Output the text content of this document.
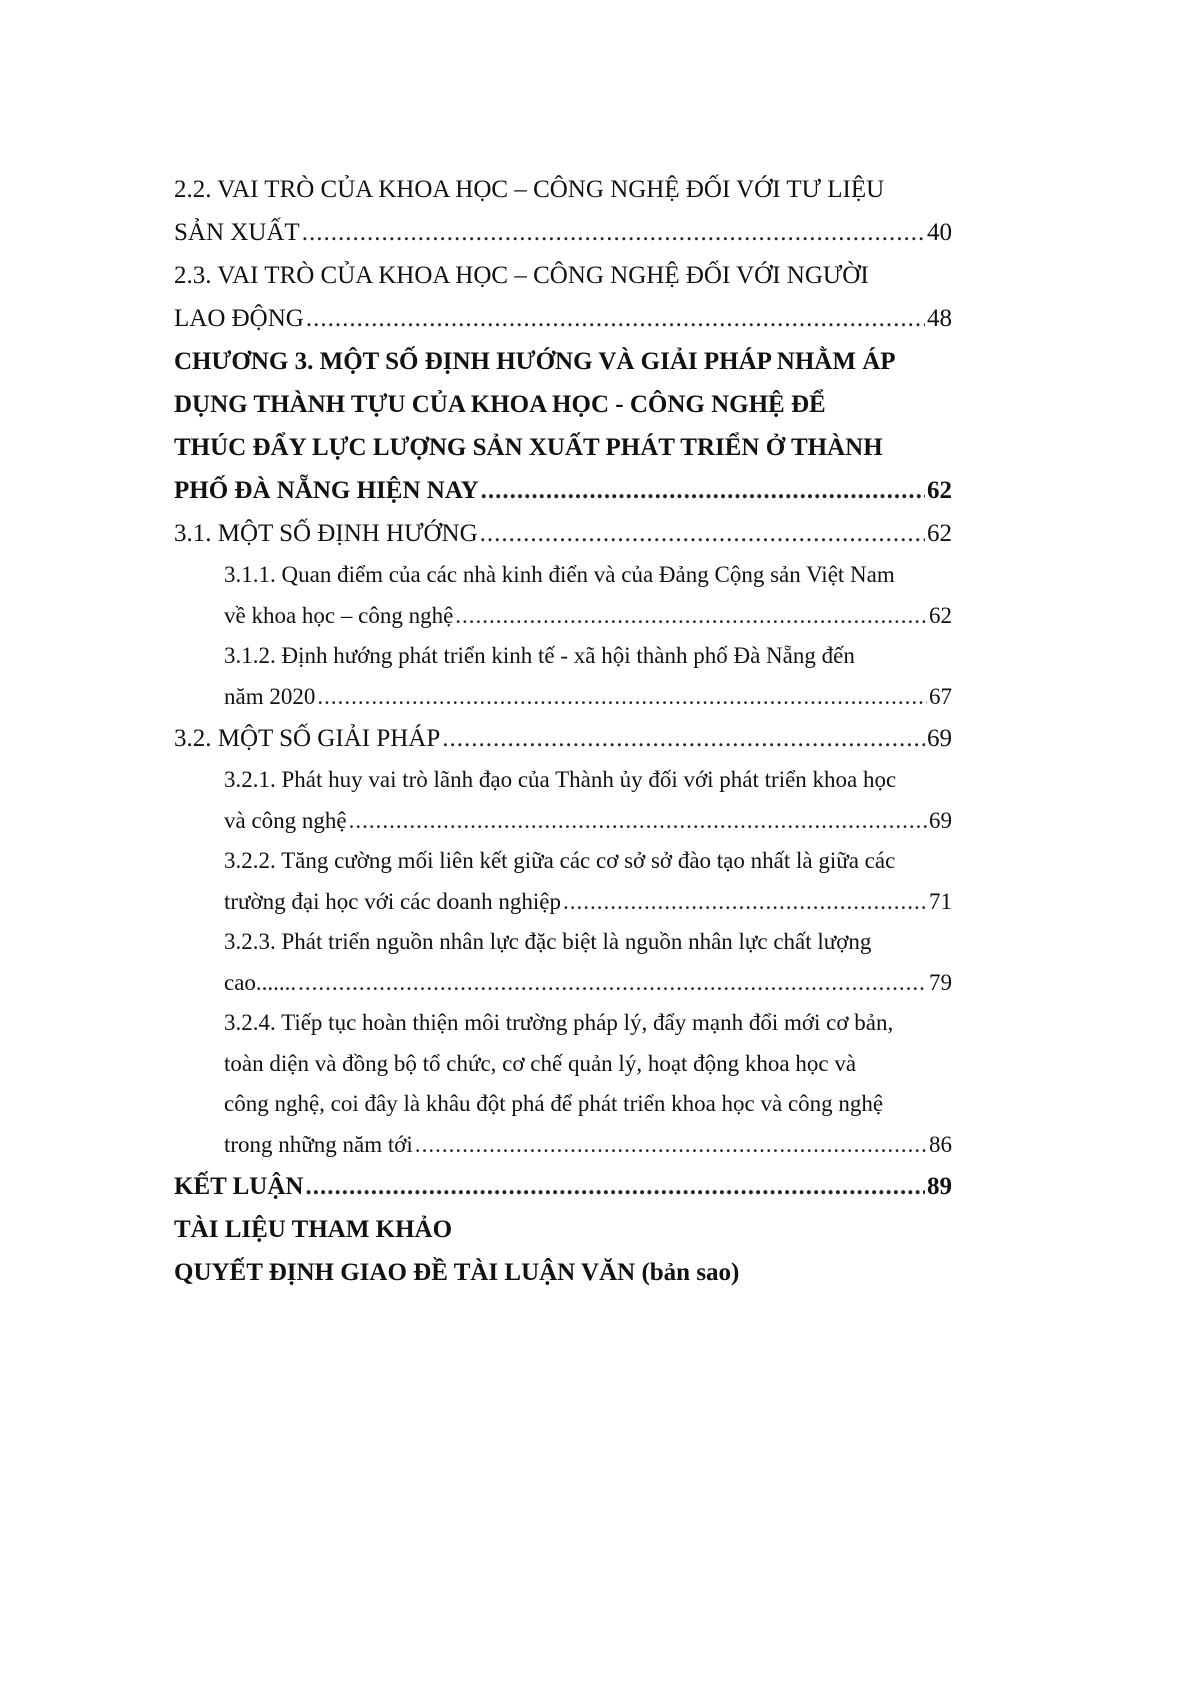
2.2. VAI TRÒ CỦA KHOA HỌC – CÔNG NGHỆ ĐỐI VỚI TƯ LIỆU
SẢN XUẤT .....	40
2.3. VAI TRÒ CỦA KHOA HỌC – CÔNG NGHỆ ĐỐI VỚI NGƯỜI
LAO ĐỘNG .....	48
CHƯƠNG 3. MỘT SỐ ĐỊNH HƯỚNG VÀ GIẢI PHÁP NHẰM ÁP
DỤNG THÀNH TỰU CỦA KHOA HỌC - CÔNG NGHỆ ĐỂ
THÚC ĐẨY LỰC LƯỢNG SẢN XUẤT PHÁT TRIỂN Ở THÀNH
PHỐ ĐÀ NẴNG HIỆN NAY .....	62
3.1. MỘT SỐ ĐỊNH HƯỚNG .....	62
3.1.1. Quan điểm của các nhà kinh điển và của Đảng Cộng sản Việt Nam
về khoa học – công nghệ .....	62
3.1.2. Định hướng phát triển kinh tế - xã hội thành phố Đà Nẵng đến
năm 2020 .....	67
3.2. MỘT SỐ GIẢI PHÁP .....	69
3.2.1. Phát huy vai trò lãnh đạo của Thành ủy đối với phát triển khoa học
và công nghệ .....	69
3.2.2. Tăng cường mối liên kết giữa các cơ sở sở đào tạo nhất là giữa các
trường đại học với các doanh nghiệp .....	71
3.2.3. Phát triển nguồn nhân lực đặc biệt là nguồn nhân lực chất lượng
cao....... .....	79
3.2.4. Tiếp tục hoàn thiện môi trường pháp lý, đẩy mạnh đổi mới cơ bản,
toàn diện và đồng bộ tổ chức, cơ chế quản lý, hoạt động khoa học và
công nghệ, coi đây là khâu đột phá để phát triển khoa học và công nghệ
trong những năm tới .....	86
KẾT LUẬN .....	89
TÀI LIỆU THAM KHẢO
QUYẾT ĐỊNH GIAO ĐỀ TÀI LUẬN VĂN (bản sao)
